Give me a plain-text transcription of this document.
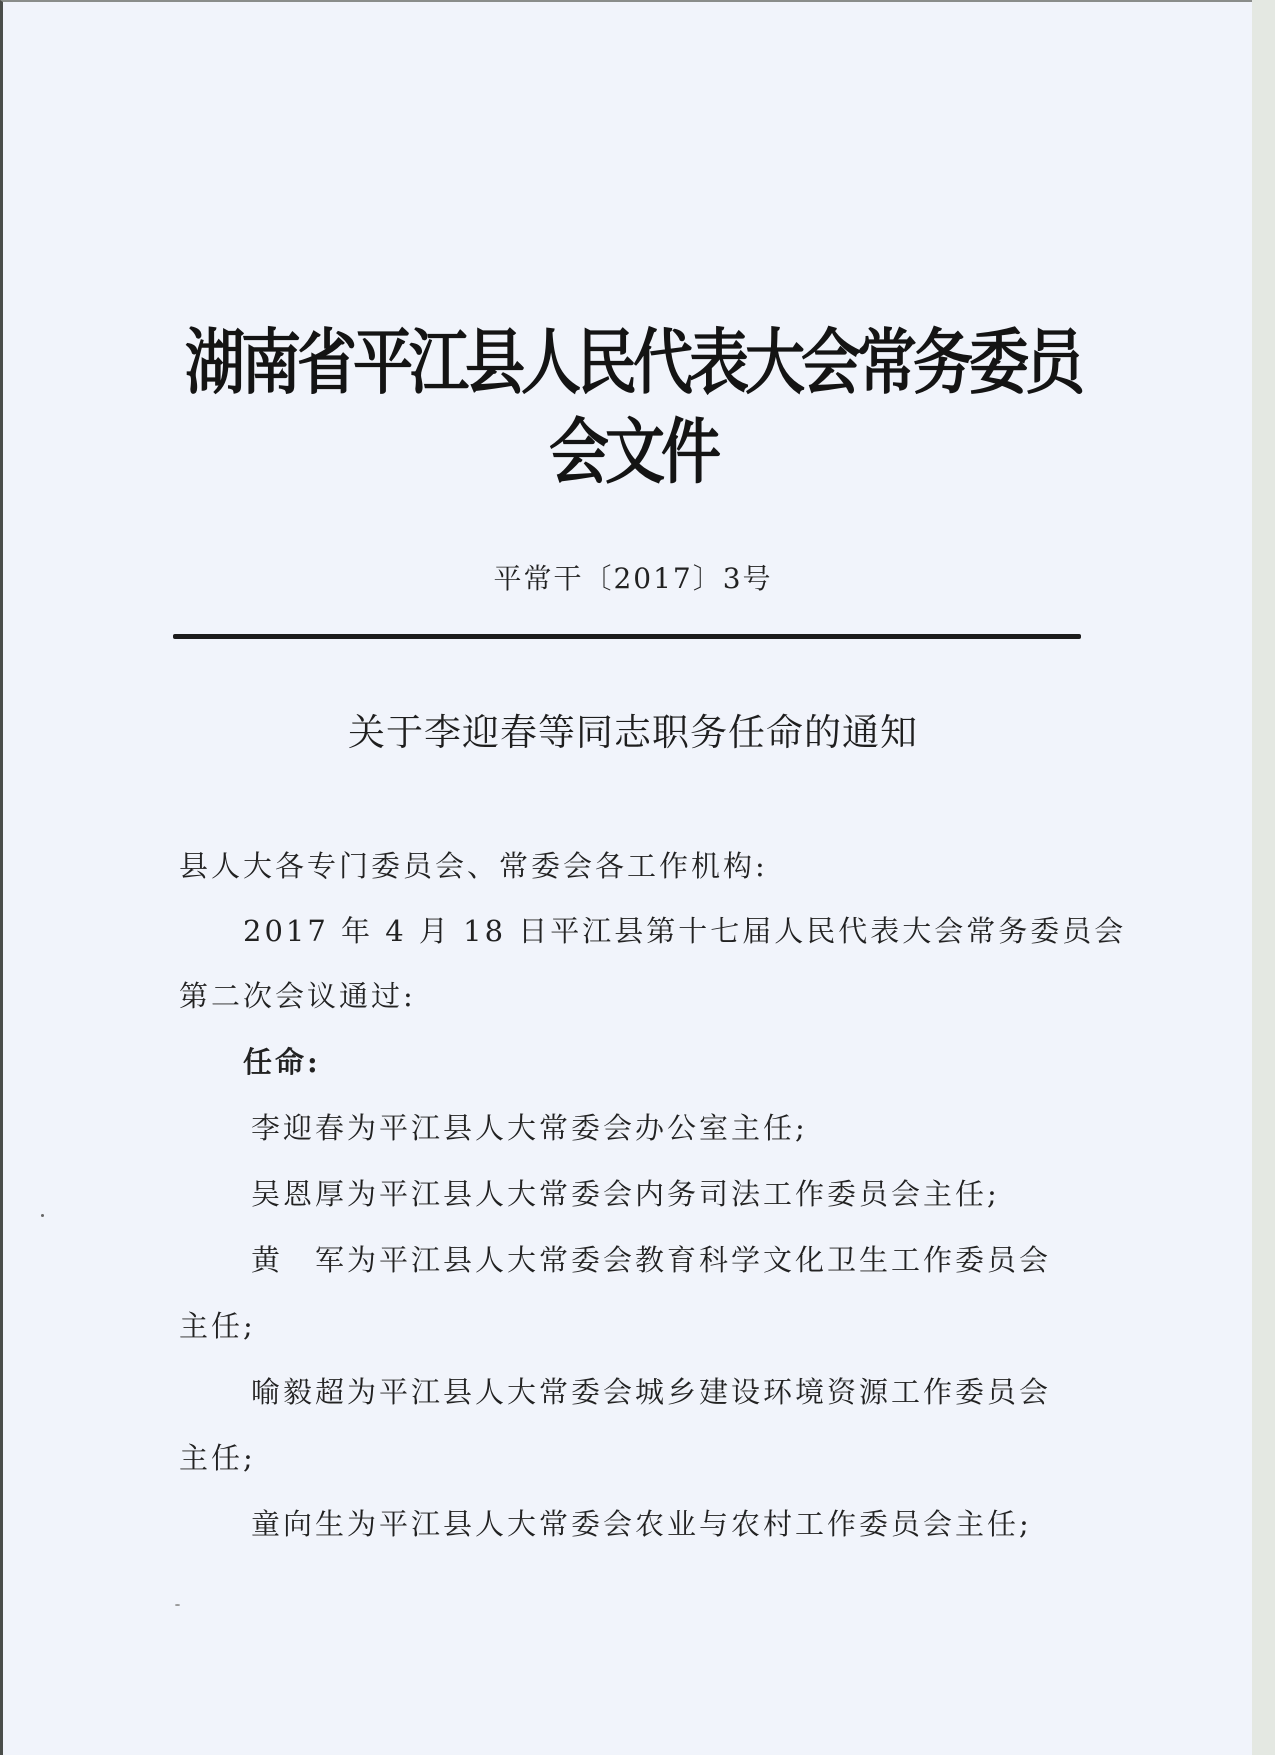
湖南省平江县人民代表大会常务委员会文件
平常干〔2017〕3号
关于李迎春等同志职务任命的通知
县人大各专门委员会、常委会各工作机构:
2017 年 4 月 18 日平江县第十七届人民代表大会常务委员会
第二次会议通过:
任命:
李迎春为平江县人大常委会办公室主任;
吴恩厚为平江县人大常委会内务司法工作委员会主任;
黄　军为平江县人大常委会教育科学文化卫生工作委员会
主任;
喻毅超为平江县人大常委会城乡建设环境资源工作委员会
主任;
童向生为平江县人大常委会农业与农村工作委员会主任;
